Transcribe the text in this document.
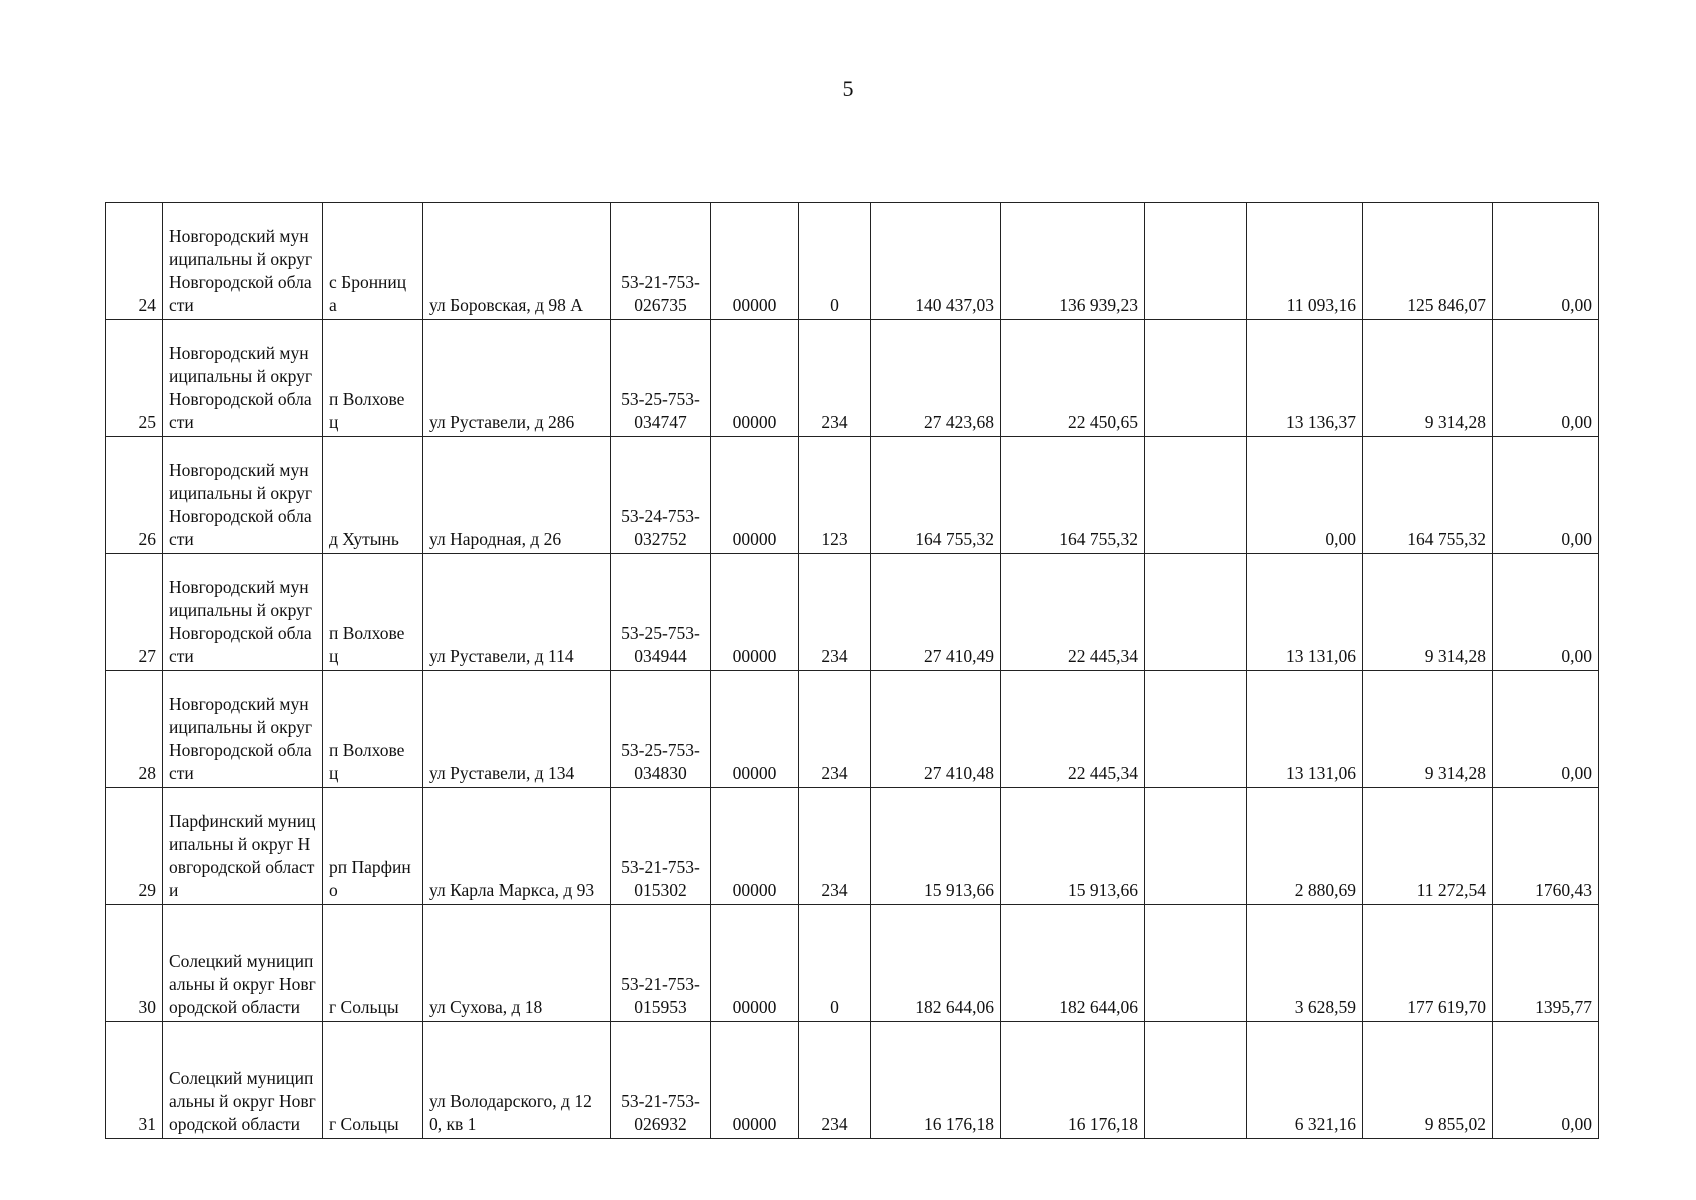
5
24	Новгородский муниципальны й округ Новгородской области	с Бронниц а	ул Боровская, д 98 А	53-21-753-026735	00000	0	140 437,03	136 939,23		11 093,16	125 846,07	0,00

25	Новгородский муниципальны й округ Новгородской области	п Волхове ц	ул Руставели, д 286	53-25-753-034747	00000	234	27 423,68	22 450,65		13 136,37	9 314,28	0,00

26	Новгородский муниципальны й округ Новгородской области	д Хутынь	ул Народная, д 26	53-24-753-032752	00000	123	164 755,32	164 755,32		0,00	164 755,32	0,00

27	Новгородский муниципальны й округ Новгородской области	п Волхове ц	ул Руставели, д 114	53-25-753-034944	00000	234	27 410,49	22 445,34		13 131,06	9 314,28	0,00

28	Новгородский муниципальны й округ Новгородской области	п Волхове ц	ул Руставели, д 134	53-25-753-034830	00000	234	27 410,48	22 445,34		13 131,06	9 314,28	0,00

29	Парфинский муниципальны й округ Новгородской области	рп Парфин о	ул Карла Маркса, д 93	53-21-753-015302	00000	234	15 913,66	15 913,66		2 880,69	11 272,54	1760,43

30	Солецкий муниципальны й округ Новгородской области	г Сольцы	ул Сухова, д 18	53-21-753-015953	00000	0	182 644,06	182 644,06		3 628,59	177 619,70	1395,77

31	Солецкий муниципальны й округ Новгородской области	г Сольцы	ул Володарского, д 120, кв 1	53-21-753-026932	00000	234	16 176,18	16 176,18		6 321,16	9 855,02	0,00
